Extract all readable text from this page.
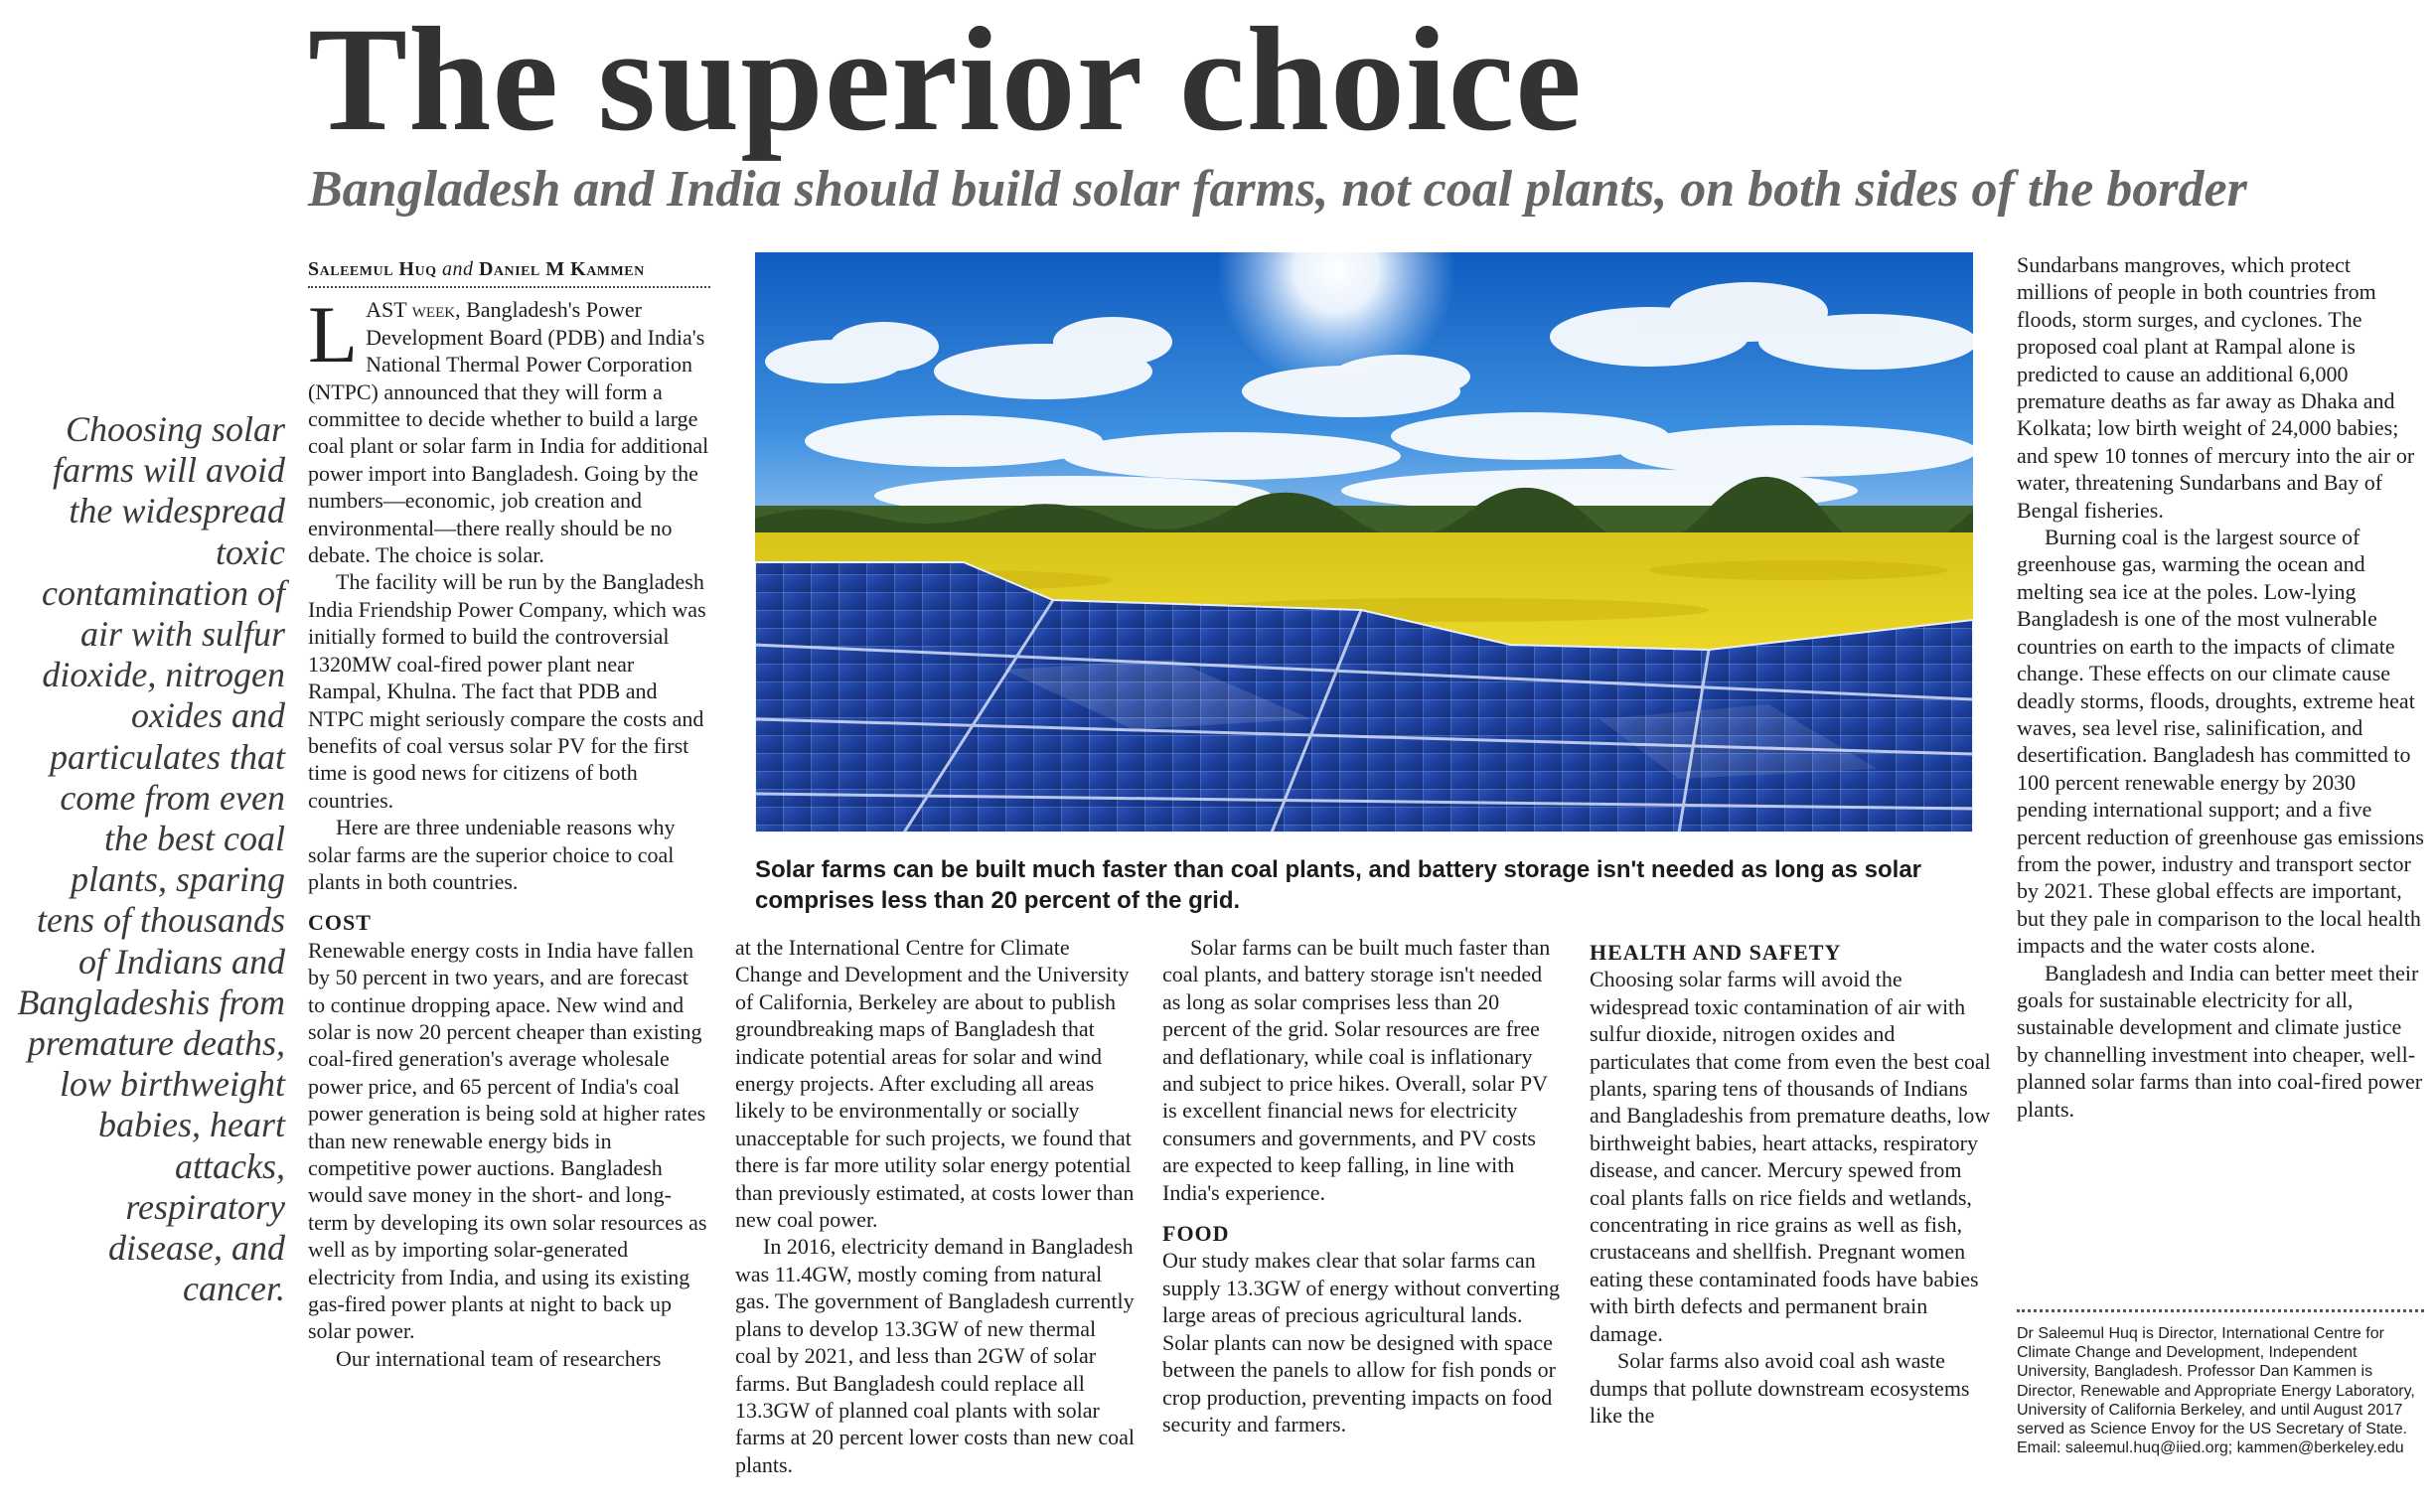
The superior choice
Bangladesh and India should build solar farms, not coal plants, on both sides of the border
Choosing solar farms will avoid the widespread toxic contamination of air with sulfur dioxide, nitrogen oxides and particulates that come from even the best coal plants, sparing tens of thousands of Indians and Bangladeshis from premature deaths, low birthweight babies, heart attacks, respiratory disease, and cancer.
Saleemul Huq and Daniel M Kammen

LAST week, Bangladesh's Power Development Board (PDB) and India's National Thermal Power Corporation (NTPC) announced that they will form a committee to decide whether to build a large coal plant or solar farm in India for additional power import into Bangladesh. Going by the numbers—economic, job creation and environmental—there really should be no debate. The choice is solar.

The facility will be run by the Bangladesh India Friendship Power Company, which was initially formed to build the controversial 1320MW coal-fired power plant near Rampal, Khulna. The fact that PDB and NTPC might seriously compare the costs and benefits of coal versus solar PV for the first time is good news for citizens of both countries.

Here are three undeniable reasons why solar farms are the superior choice to coal plants in both countries.

COST

Renewable energy costs in India have fallen by 50 percent in two years, and are forecast to continue dropping apace. New wind and solar is now 20 percent cheaper than existing coal-fired generation's average wholesale power price, and 65 percent of India's coal power generation is being sold at higher rates than new renewable energy bids in competitive power auctions. Bangladesh would save money in the short- and long-term by developing its own solar resources as well as by importing solar-generated electricity from India, and using its existing gas-fired power plants at night to back up solar power.

Our international team of researchers

Solar farms can be built much faster than coal plants, and battery storage isn't needed as long as solar comprises less than 20 percent of the grid.

at the International Centre for Climate Change and Development and the University of California, Berkeley are about to publish groundbreaking maps of Bangladesh that indicate potential areas for solar and wind energy projects. After excluding all areas likely to be environmentally or socially unacceptable for such projects, we found that there is far more utility solar energy potential than previously estimated, at costs lower than new coal power.

In 2016, electricity demand in Bangladesh was 11.4GW, mostly coming from natural gas. The government of Bangladesh currently plans to develop 13.3GW of new thermal coal by 2021, and less than 2GW of solar farms. But Bangladesh could replace all 13.3GW of planned coal plants with solar farms at 20 percent lower costs than new coal plants.

Solar farms can be built much faster than coal plants, and battery storage isn't needed as long as solar comprises less than 20 percent of the grid. Solar resources are free and deflationary, while coal is inflationary and subject to price hikes. Overall, solar PV is excellent financial news for electricity consumers and governments, and PV costs are expected to keep falling, in line with India's experience.

FOOD

Our study makes clear that solar farms can supply 13.3GW of energy without converting large areas of precious agricultural lands. Solar plants can now be designed with space between the panels to allow for fish ponds or crop production, preventing impacts on food security and farmers.

HEALTH AND SAFETY

Choosing solar farms will avoid the widespread toxic contamination of air with sulfur dioxide, nitrogen oxides and particulates that come from even the best coal plants, sparing tens of thousands of Indians and Bangladeshis from premature deaths, low birthweight babies, heart attacks, respiratory disease, and cancer. Mercury spewed from coal plants falls on rice fields and wetlands, concentrating in rice grains as well as fish, crustaceans and shellfish. Pregnant women eating these contaminated foods have babies with birth defects and permanent brain damage.

Solar farms also avoid coal ash waste dumps that pollute downstream ecosystems like the

Sundarbans mangroves, which protect millions of people in both countries from floods, storm surges, and cyclones. The proposed coal plant at Rampal alone is predicted to cause an additional 6,000 premature deaths as far away as Dhaka and Kolkata; low birth weight of 24,000 babies; and spew 10 tonnes of mercury into the air or water, threatening Sundarbans and Bay of Bengal fisheries.

Burning coal is the largest source of greenhouse gas, warming the ocean and melting sea ice at the poles. Low-lying Bangladesh is one of the most vulnerable countries on earth to the impacts of climate change. These effects on our climate cause deadly storms, floods, droughts, extreme heat waves, sea level rise, salinification, and desertification. Bangladesh has committed to 100 percent renewable energy by 2030 pending international support; and a five percent reduction of greenhouse gas emissions from the power, industry and transport sector by 2021. These global effects are important, but they pale in comparison to the local health impacts and the water costs alone.

Bangladesh and India can better meet their goals for sustainable electricity for all, sustainable development and climate justice by channelling investment into cheaper, well-planned solar farms than into coal-fired power plants.

Dr Saleemul Huq is Director, International Centre for Climate Change and Development, Independent University, Bangladesh. Professor Dan Kammen is Director, Renewable and Appropriate Energy Laboratory, University of California Berkeley, and until August 2017 served as Science Envoy for the US Secretary of State. Email: saleemul.huq@iied.org; kammen@berkeley.edu
